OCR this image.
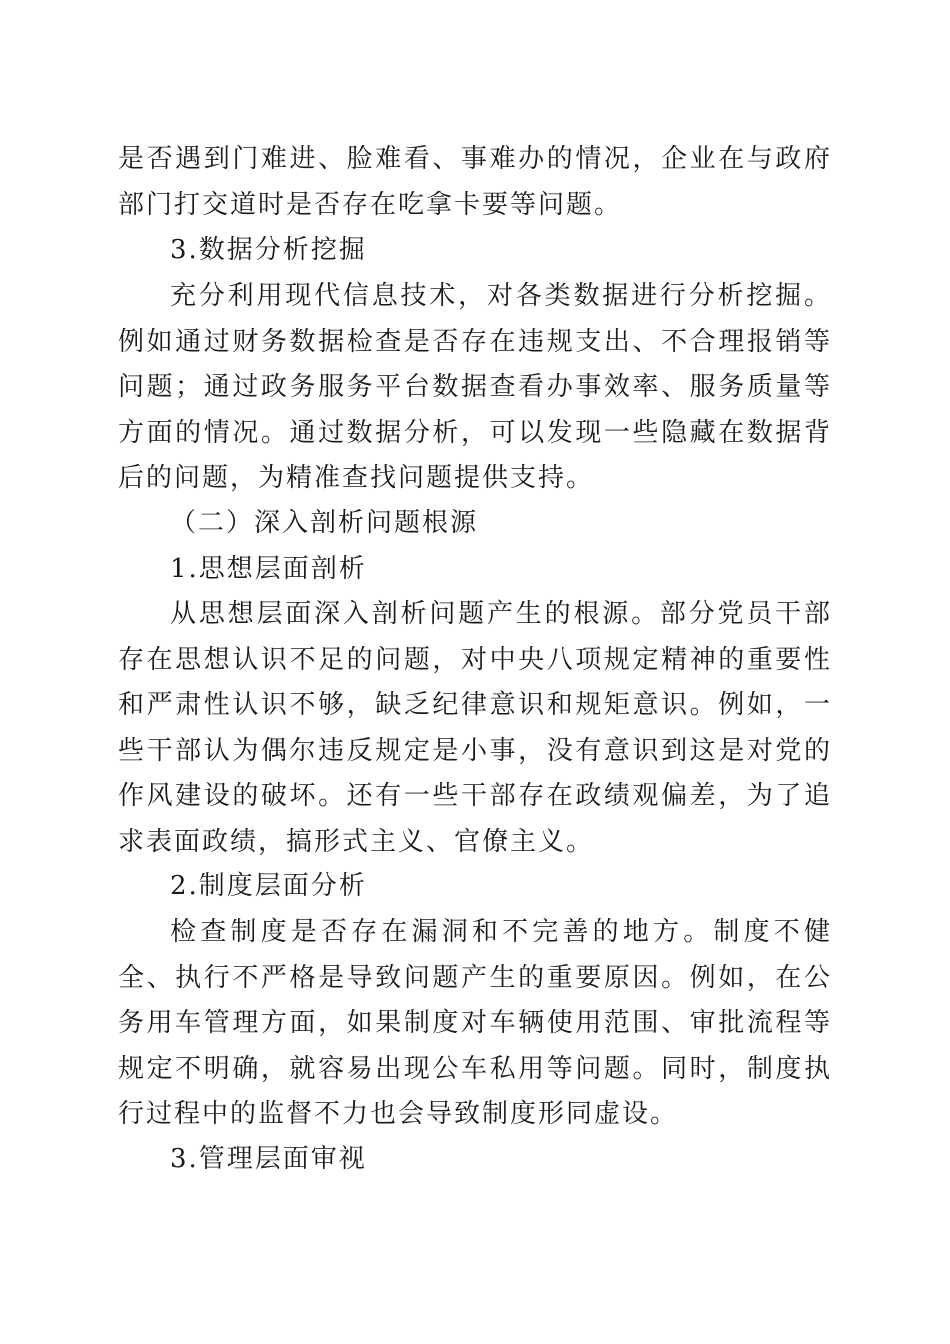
是否遇到门难进、脸难看、事难办的情况，企业在与政府部门打交道时是否存在吃拿卡要等问题。

3.数据分析挖掘

充分利用现代信息技术，对各类数据进行分析挖掘。例如通过财务数据检查是否存在违规支出、不合理报销等问题；通过政务服务平台数据查看办事效率、服务质量等方面的情况。通过数据分析，可以发现一些隐藏在数据背后的问题，为精准查找问题提供支持。

（二）深入剖析问题根源

1.思想层面剖析

从思想层面深入剖析问题产生的根源。部分党员干部存在思想认识不足的问题，对中央八项规定精神的重要性和严肃性认识不够，缺乏纪律意识和规矩意识。例如，一些干部认为偶尔违反规定是小事，没有意识到这是对党的作风建设的破坏。还有一些干部存在政绩观偏差，为了追求表面政绩，搞形式主义、官僚主义。

2.制度层面分析

检查制度是否存在漏洞和不完善的地方。制度不健全、执行不严格是导致问题产生的重要原因。例如，在公务用车管理方面，如果制度对车辆使用范围、审批流程等规定不明确，就容易出现公车私用等问题。同时，制度执行过程中的监督不力也会导致制度形同虚设。

3.管理层面审视
